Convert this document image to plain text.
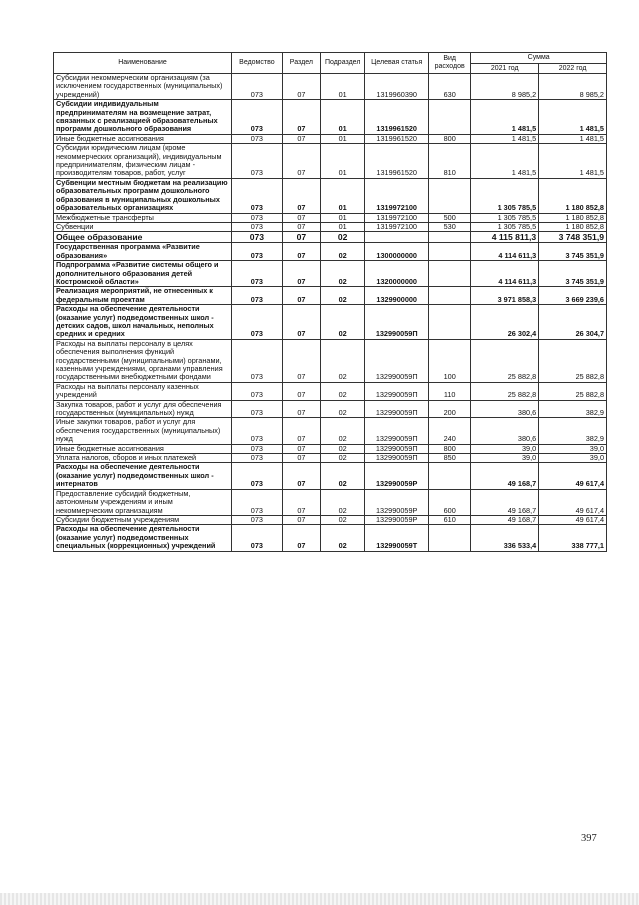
Наименование	Ведомство	Раздел	Подраздел	Целевая статья	Вид расходов	Сумма	
						2021 год	2022 год
Субсидии некоммерческим организациям (за исключением государственных (муниципальных) учреждений)	073	07	01	1319960390	630	8 985,2	8 985,2
Субсидии индивидуальным предпринимателям на возмещение затрат, связанных с реализацией образовательных программ дошкольного образования	073	07	01	1319961520		1 481,5	1 481,5
Иные бюджетные ассигнования	073	07	01	1319961520	800	1 481,5	1 481,5
Субсидии юридическим лицам (кроме некоммерческих организаций), индивидуальным предпринимателям, физическим лицам - производителям товаров, работ, услуг	073	07	01	1319961520	810	1 481,5	1 481,5
Субвенции местным бюджетам на реализацию образовательных программ дошкольного образования в муниципальных дошкольных образовательных организациях	073	07	01	1319972100		1 305 785,5	1 180 852,8
Межбюджетные трансферты	073	07	01	1319972100	500	1 305 785,5	1 180 852,8
Субвенции	073	07	01	1319972100	530	1 305 785,5	1 180 852,8
Общее образование	073	07	02			4 115 811,3	3 748 351,9
Государственная программа «Развитие образования»	073	07	02	1300000000		4 114 611,3	3 745 351,9
Подпрограмма «Развитие системы общего и дополнительного образования детей Костромской области»	073	07	02	1320000000		4 114 611,3	3 745 351,9
Реализация мероприятий, не отнесенных к федеральным проектам	073	07	02	1329900000		3 971 858,3	3 669 239,6
Расходы на обеспечение деятельности (оказание услуг) подведомственных школ - детских садов, школ начальных, неполных средних и средних	073	07	02	132990059П		26 302,4	26 304,7
Расходы на выплаты персоналу в целях обеспечения выполнения функций государственными (муниципальными) органами, казенными учреждениями, органами управления государственными внебюджетными фондами	073	07	02	132990059П	100	25 882,8	25 882,8
Расходы на выплаты персоналу казенных учреждений	073	07	02	132990059П	110	25 882,8	25 882,8
Закупка товаров, работ и услуг для обеспечения государственных (муниципальных) нужд	073	07	02	132990059П	200	380,6	382,9
Иные закупки товаров, работ и услуг для обеспечения государственных (муниципальных) нужд	073	07	02	132990059П	240	380,6	382,9
Иные бюджетные ассигнования	073	07	02	132990059П	800	39,0	39,0
Уплата налогов, сборов и иных платежей	073	07	02	132990059П	850	39,0	39,0
Расходы на обеспечение деятельности (оказание услуг) подведомственных школ - интернатов	073	07	02	132990059Р		49 168,7	49 617,4
Предоставление субсидий бюджетным, автономным учреждениям и иным некоммерческим организациям	073	07	02	132990059Р	600	49 168,7	49 617,4
Субсидии бюджетным учреждениям	073	07	02	132990059Р	610	49 168,7	49 617,4
Расходы на обеспечение деятельности (оказание услуг) подведомственных специальных (коррекционных) учреждений	073	07	02	132990059Т		336 533,4	338 777,1
397
